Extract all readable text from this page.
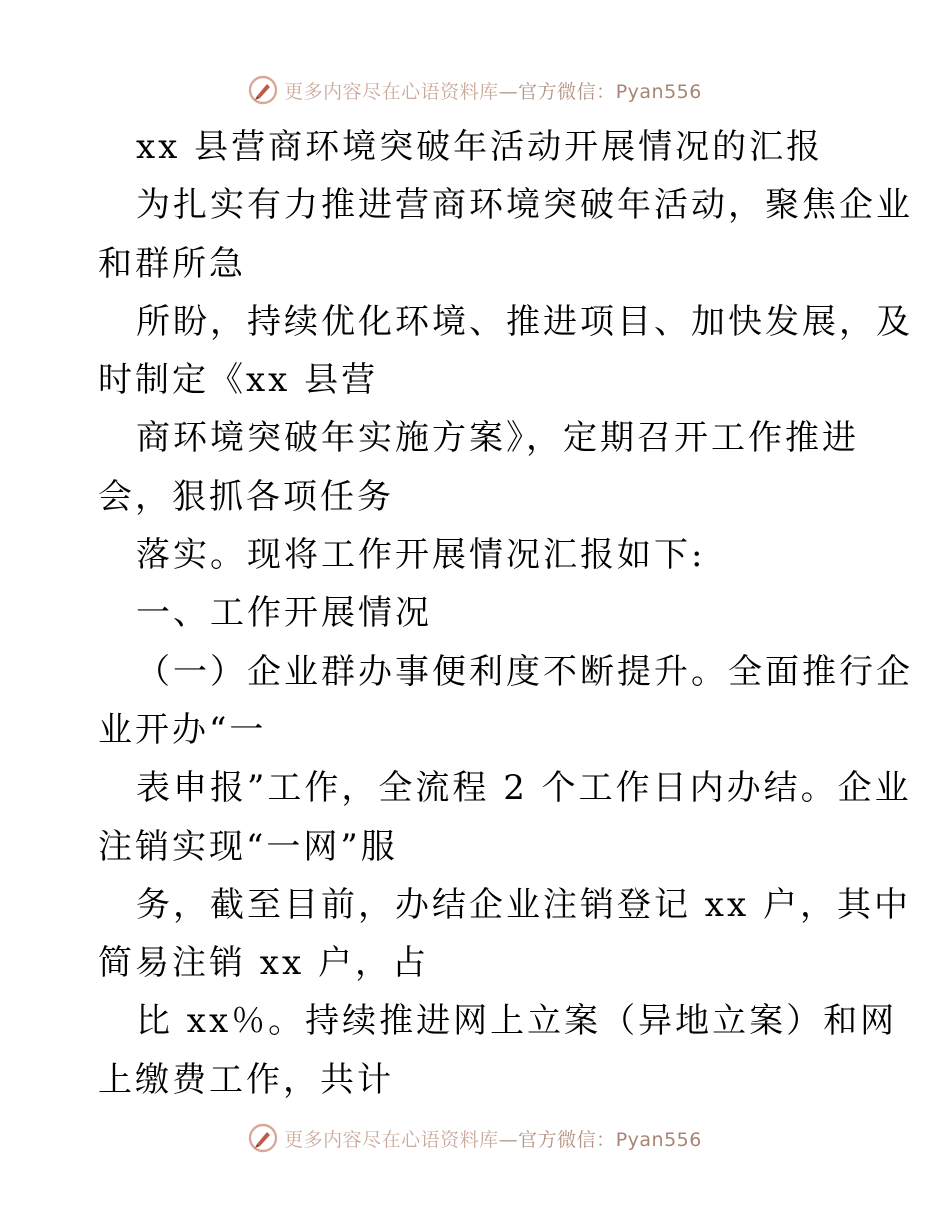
更多内容尽在心语资料库—官方微信：Pyan556
xx 县营商环境突破年活动开展情况的汇报
为扎实有力推进营商环境突破年活动，聚焦企业
和群所急
所盼，持续优化环境、推进项目、加快发展，及
时制定《xx 县营
商环境突破年实施方案》，定期召开工作推进
会，狠抓各项任务
落实。现将工作开展情况汇报如下:
一、工作开展情况
（一）企业群办事便利度不断提升。全面推行企
业开办“一
表申报”工作，全流程 2 个工作日内办结。企业
注销实现“一网”服
务，截至目前，办结企业注销登记 xx 户，其中
简易注销 xx 户，占
比 xx％。持续推进网上立案（异地立案）和网
上缴费工作，共计
更多内容尽在心语资料库—官方微信：Pyan556
